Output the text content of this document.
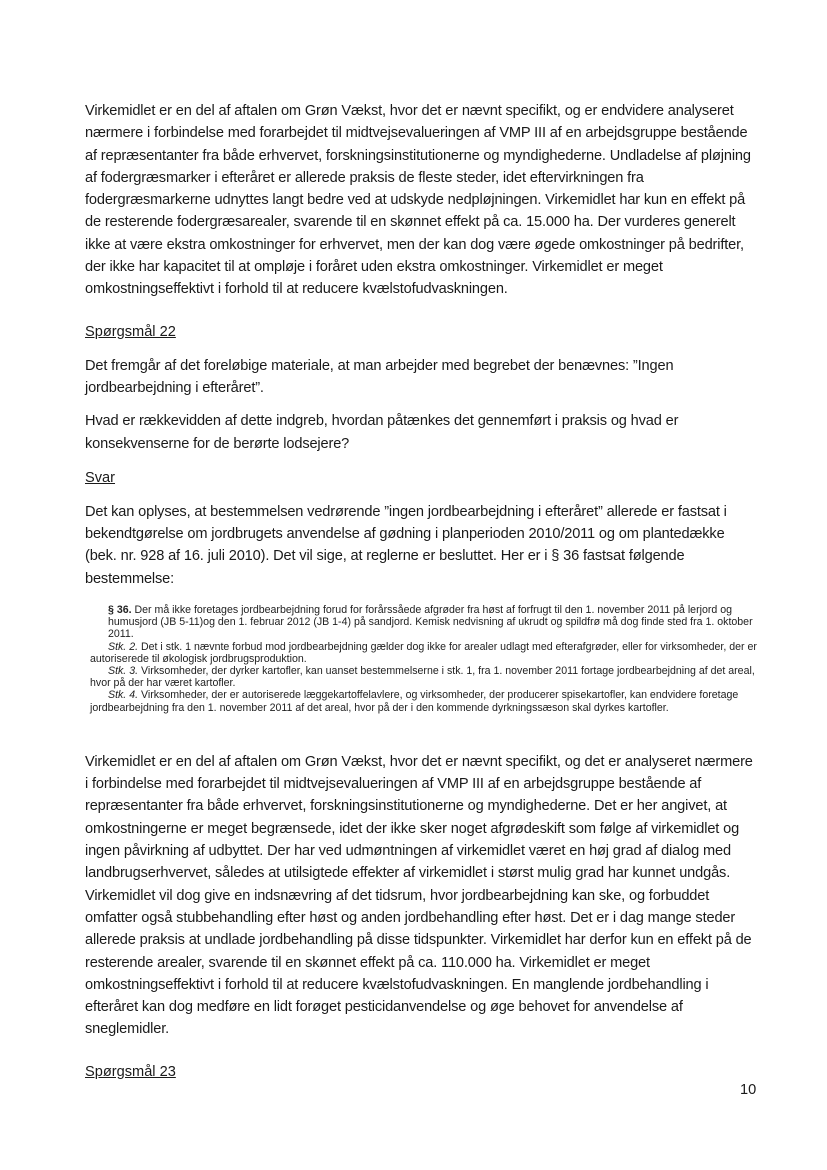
Virkemidlet er en del af aftalen om Grøn Vækst, hvor det er nævnt specifikt, og er endvidere analyseret nærmere i forbindelse med forarbejdet til midtvejsevalueringen af VMP III af en arbejdsgruppe bestående af repræsentanter fra både erhvervet, forskningsinstitutionerne og myndighederne. Undladelse af pløjning af fodergræsmarker i efteråret er allerede praksis de fleste steder, idet eftervirkningen fra fodergræsmarkerne udnyttes langt bedre ved at udskyde nedpløjningen. Virkemidlet har kun en effekt på de resterende fodergræsarealer, svarende til en skønnet effekt på ca. 15.000 ha. Der vurderes generelt ikke at være ekstra omkostninger for erhvervet, men der kan dog være øgede omkostninger på bedrifter, der ikke har kapacitet til at ompløje i foråret uden ekstra omkostninger. Virkemidlet er meget omkostningseffektivt i forhold til at reducere kvælstofudvaskningen.

Spørgsmål 22

Det fremgår af det foreløbige materiale, at man arbejder med begrebet der benævnes: ”Ingen jordbearbejdning i efteråret”.

Hvad er rækkevidden af dette indgreb, hvordan påtænkes det gennemført i praksis og hvad er konsekvenserne for de berørte lodsejere?

Svar

Det kan oplyses, at bestemmelsen vedrørende ”ingen jordbearbejdning i efteråret” allerede er fastsat i bekendtgørelse om jordbrugets anvendelse af gødning i planperioden 2010/2011 og om plantedække (bek. nr. 928 af 16. juli 2010). Det vil sige, at reglerne er besluttet. Her er i § 36 fastsat følgende bestemmelse:

§ 36. Der må ikke foretages jordbearbejdning forud for forårssåede afgrøder fra høst af forfrugt til den 1. november 2011 på lerjord og humusjord (JB 5-11)og den 1. februar 2012 (JB 1-4) på sandjord. Kemisk nedvisning af ukrudt og spildfrø må dog finde sted fra 1. oktober 2011.

Stk. 2. Det i stk. 1 nævnte forbud mod jordbearbejdning gælder dog ikke for arealer udlagt med efterafgrøder, eller for virksomheder, der er autoriserede til økologisk jordbrugsproduktion.

Stk. 3. Virksomheder, der dyrker kartofler, kan uanset bestemmelserne i stk. 1, fra 1. november 2011 fortage jordbearbejdning af det areal, hvor på der har været kartofler.

Stk. 4. Virksomheder, der er autoriserede læggekartoffelavlere, og virksomheder, der producerer spisekartofler, kan endvidere foretage jordbearbejdning fra den 1. november 2011 af det areal, hvor på der i den kommende dyrkningssæson skal dyrkes kartofler.

Virkemidlet er en del af aftalen om Grøn Vækst, hvor det er nævnt specifikt, og det er analyseret nærmere i forbindelse med forarbejdet til midtvejsevalueringen af VMP III af en arbejdsgruppe bestående af repræsentanter fra både erhvervet, forskningsinstitutionerne og myndighederne. Det er her angivet, at omkostningerne er meget begrænsede, idet der ikke sker noget afgrødeskift som følge af virkemidlet og ingen påvirkning af udbyttet. Der har ved udmøntningen af virkemidlet været en høj grad af dialog med landbrugserhvervet, således at utilsigtede effekter af virkemidlet i størst mulig grad har kunnet undgås. Virkemidlet vil dog give en indsnævring af det tidsrum, hvor jordbearbejdning kan ske, og forbuddet omfatter også stubbehandling efter høst og anden jordbehandling efter høst. Det er i dag mange steder allerede praksis at undlade jordbehandling på disse tidspunkter. Virkemidlet har derfor kun en effekt på de resterende arealer, svarende til en skønnet effekt på ca. 110.000 ha. Virkemidlet er meget omkostningseffektivt i forhold til at reducere kvælstofudvaskningen. En manglende jordbehandling i efteråret kan dog medføre en lidt forøget pesticidanvendelse og øge behovet for anvendelse af sneglemidler.

Spørgsmål 23

10
